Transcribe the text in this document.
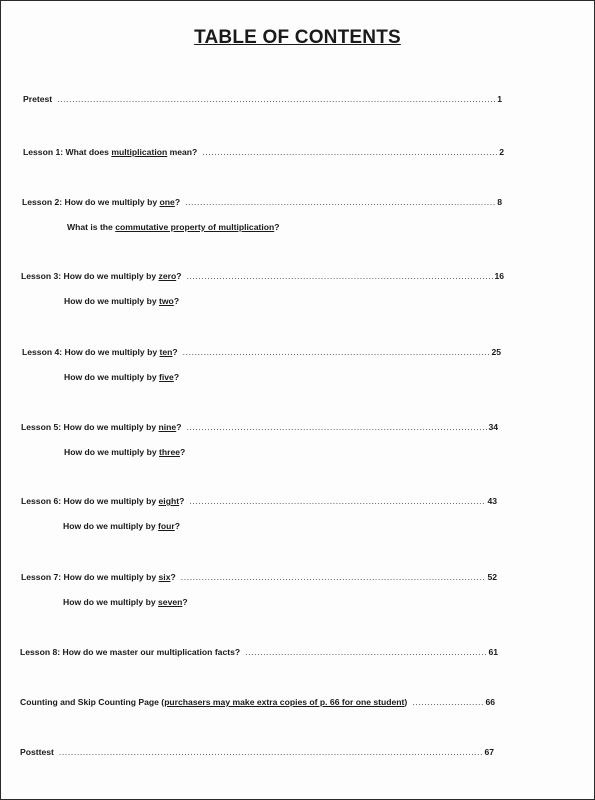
TABLE OF CONTENTS
Pretest .....	1
Lesson 1: What does multiplication mean? .....	2
Lesson 2: How do we multiply by one? .....	8
What is the commutative property of multiplication?
Lesson 3: How do we multiply by zero? .....	16
How do we multiply by two?
Lesson 4: How do we multiply by ten? .....	25
How do we multiply by five?
Lesson 5: How do we multiply by nine? .....	34
How do we multiply by three?
Lesson 6: How do we multiply by eight? .....	43
How do we multiply by four?
Lesson 7: How do we multiply by six? .....	52
How do we multiply by seven?
Lesson 8: How do we master our multiplication facts? .....	61
Counting and Skip Counting Page (purchasers may make extra copies of p. 66 for one student) .....	66
Posttest .....	67
